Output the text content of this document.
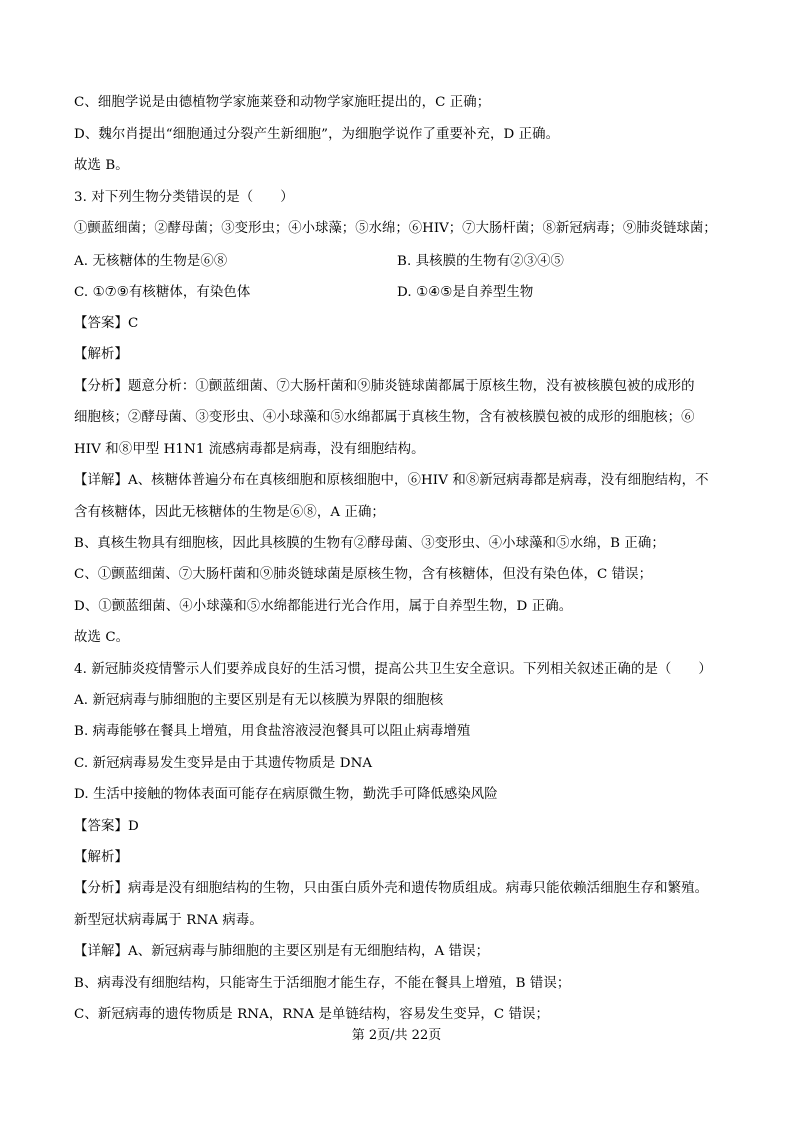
C、细胞学说是由德植物学家施莱登和动物学家施旺提出的，C 正确；
D、魏尔肖提出“细胞通过分裂产生新细胞”，为细胞学说作了重要补充，D 正确。
故选 B。
3. 对下列生物分类错误的是（　　）
①颤蓝细菌；②酵母菌；③变形虫；④小球藻；⑤水绵；⑥HIV；⑦大肠杆菌；⑧新冠病毒；⑨肺炎链球菌；
A. 无核糖体的生物是⑥⑧	B. 具核膜的生物有②③④⑤
C. ①⑦⑨有核糖体，有染色体	D. ①④⑤是自养型生物
【答案】C
【解析】
【分析】题意分析：①颤蓝细菌、⑦大肠杆菌和⑨肺炎链球菌都属于原核生物，没有被核膜包被的成形的
细胞核；②酵母菌、③变形虫、④小球藻和⑤水绵都属于真核生物，含有被核膜包被的成形的细胞核；⑥
HIV 和⑧甲型 H1N1 流感病毒都是病毒，没有细胞结构。
【详解】A、核糖体普遍分布在真核细胞和原核细胞中，⑥HIV 和⑧新冠病毒都是病毒，没有细胞结构，不
含有核糖体，因此无核糖体的生物是⑥⑧，A 正确；
B、真核生物具有细胞核，因此具核膜的生物有②酵母菌、③变形虫、④小球藻和⑤水绵，B 正确；
C、①颤蓝细菌、⑦大肠杆菌和⑨肺炎链球菌是原核生物，含有核糖体，但没有染色体，C 错误；
D、①颤蓝细菌、④小球藻和⑤水绵都能进行光合作用，属于自养型生物，D 正确。
故选 C。
4. 新冠肺炎疫情警示人们要养成良好的生活习惯，提高公共卫生安全意识。下列相关叙述正确的是（　　）
A. 新冠病毒与肺细胞的主要区别是有无以核膜为界限的细胞核
B. 病毒能够在餐具上增殖，用食盐溶液浸泡餐具可以阻止病毒增殖
C. 新冠病毒易发生变异是由于其遗传物质是 DNA
D. 生活中接触的物体表面可能存在病原微生物，勤洗手可降低感染风险
【答案】D
【解析】
【分析】病毒是没有细胞结构的生物，只由蛋白质外壳和遗传物质组成。病毒只能依赖活细胞生存和繁殖。
新型冠状病毒属于 RNA 病毒。
【详解】A、新冠病毒与肺细胞的主要区别是有无细胞结构，A 错误；
B、病毒没有细胞结构，只能寄生于活细胞才能生存，不能在餐具上增殖，B 错误；
C、新冠病毒的遗传物质是 RNA，RNA 是单链结构，容易发生变异，C 错误；
第 2页/共 22页
